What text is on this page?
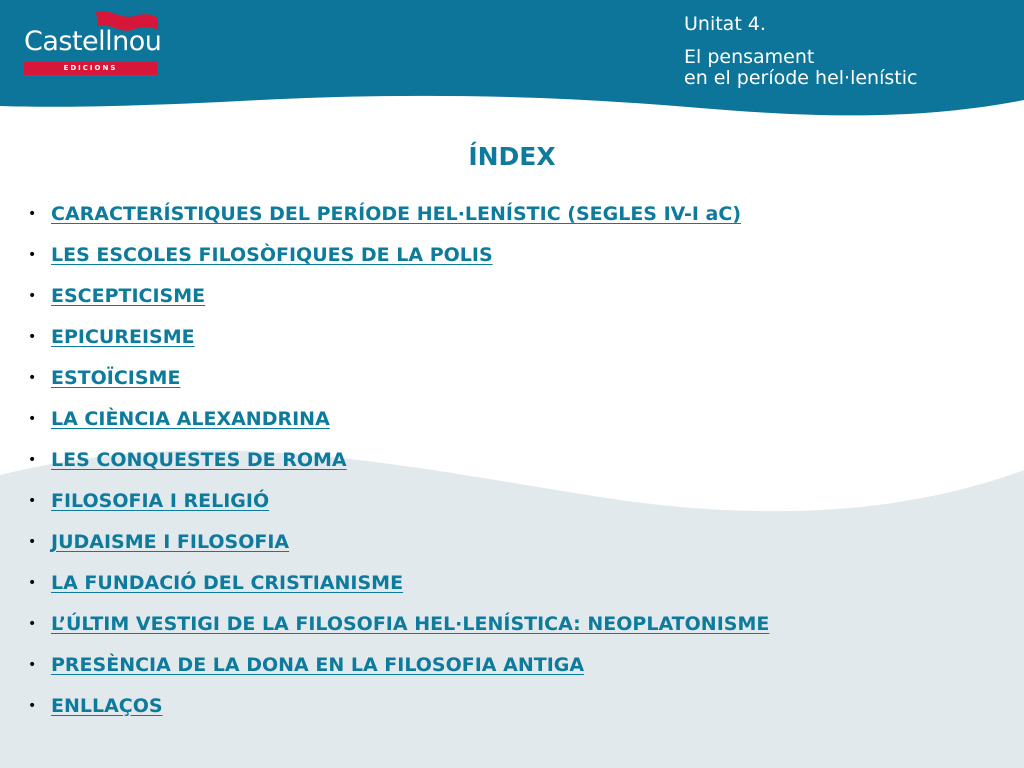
Castellnou
EDICIONS
Unitat 4.
El pensament
en el període hel·lenístic
ÍNDEX
• CARACTERÍSTIQUES DEL PERÍODE HEL·LENÍSTIC (SEGLES IV-I aC)
• LES ESCOLES FILOSÒFIQUES DE LA POLIS
• ESCEPTICISME
• EPICUREISME
• ESTOÏCISME
• LA CIÈNCIA ALEXANDRINA
• LES CONQUESTES DE ROMA
• FILOSOFIA I RELIGIÓ
• JUDAISME I FILOSOFIA
• LA FUNDACIÓ DEL CRISTIANISME
• L’ÚLTIM VESTIGI DE LA FILOSOFIA HEL·LENÍSTICA: NEOPLATONISME
• PRESÈNCIA DE LA DONA EN LA FILOSOFIA ANTIGA
• ENLLAÇOS
